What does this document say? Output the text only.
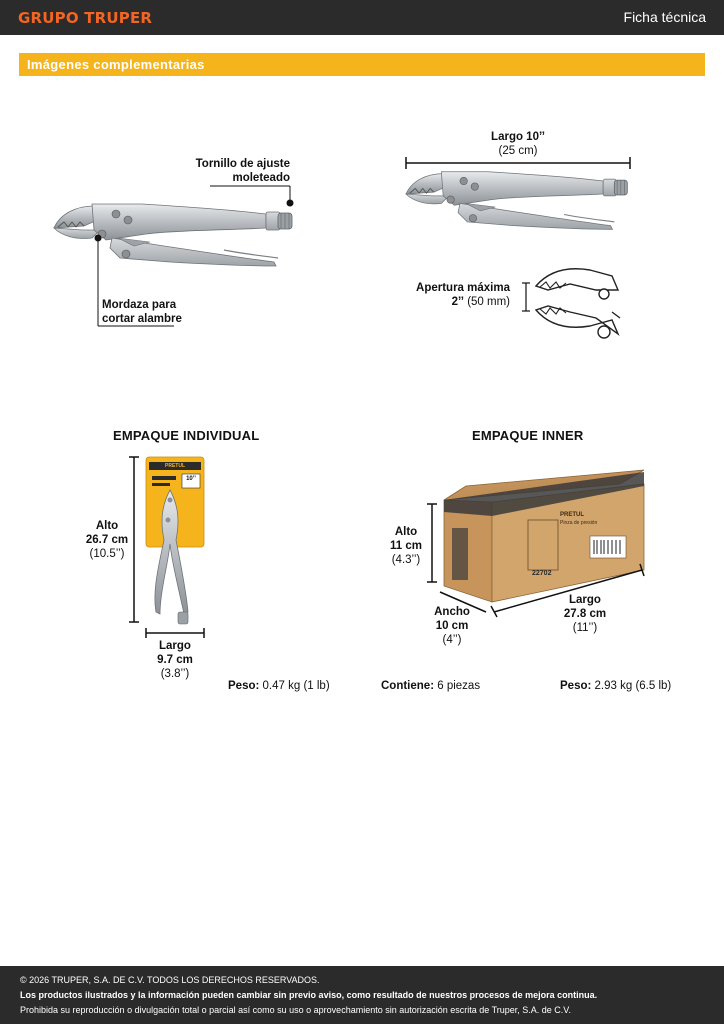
GRUPO TRUPER	Ficha técnica
Imágenes complementarias
Tornillo de ajuste
moleteado
Mordaza para
cortar alambre
Largo 10’’
(25 cm)
Apertura máxima
2’’ (50 mm)
EMPAQUE INDIVIDUAL
Alto
26.7 cm
(10.5’’)
Largo
9.7 cm
(3.8’’)
Peso: 0.47 kg (1 lb)
EMPAQUE INNER
Alto
11 cm
(4.3’’)
Ancho
10 cm
(4’’)
Largo
27.8 cm
(11’’)
Contiene: 6 piezas	Peso: 2.93 kg (6.5 lb)
PRETUL
10’’
PRETUL
Pinza de presión
22702
© 2026 TRUPER, S.A. DE C.V. TODOS LOS DERECHOS RESERVADOS.
Los productos ilustrados y la información pueden cambiar sin previo aviso, como resultado de nuestros procesos de mejora continua.
Prohibida su reproducción o divulgación total o parcial así como su uso o aprovechamiento sin autorización escrita de Truper, S.A. de C.V.
